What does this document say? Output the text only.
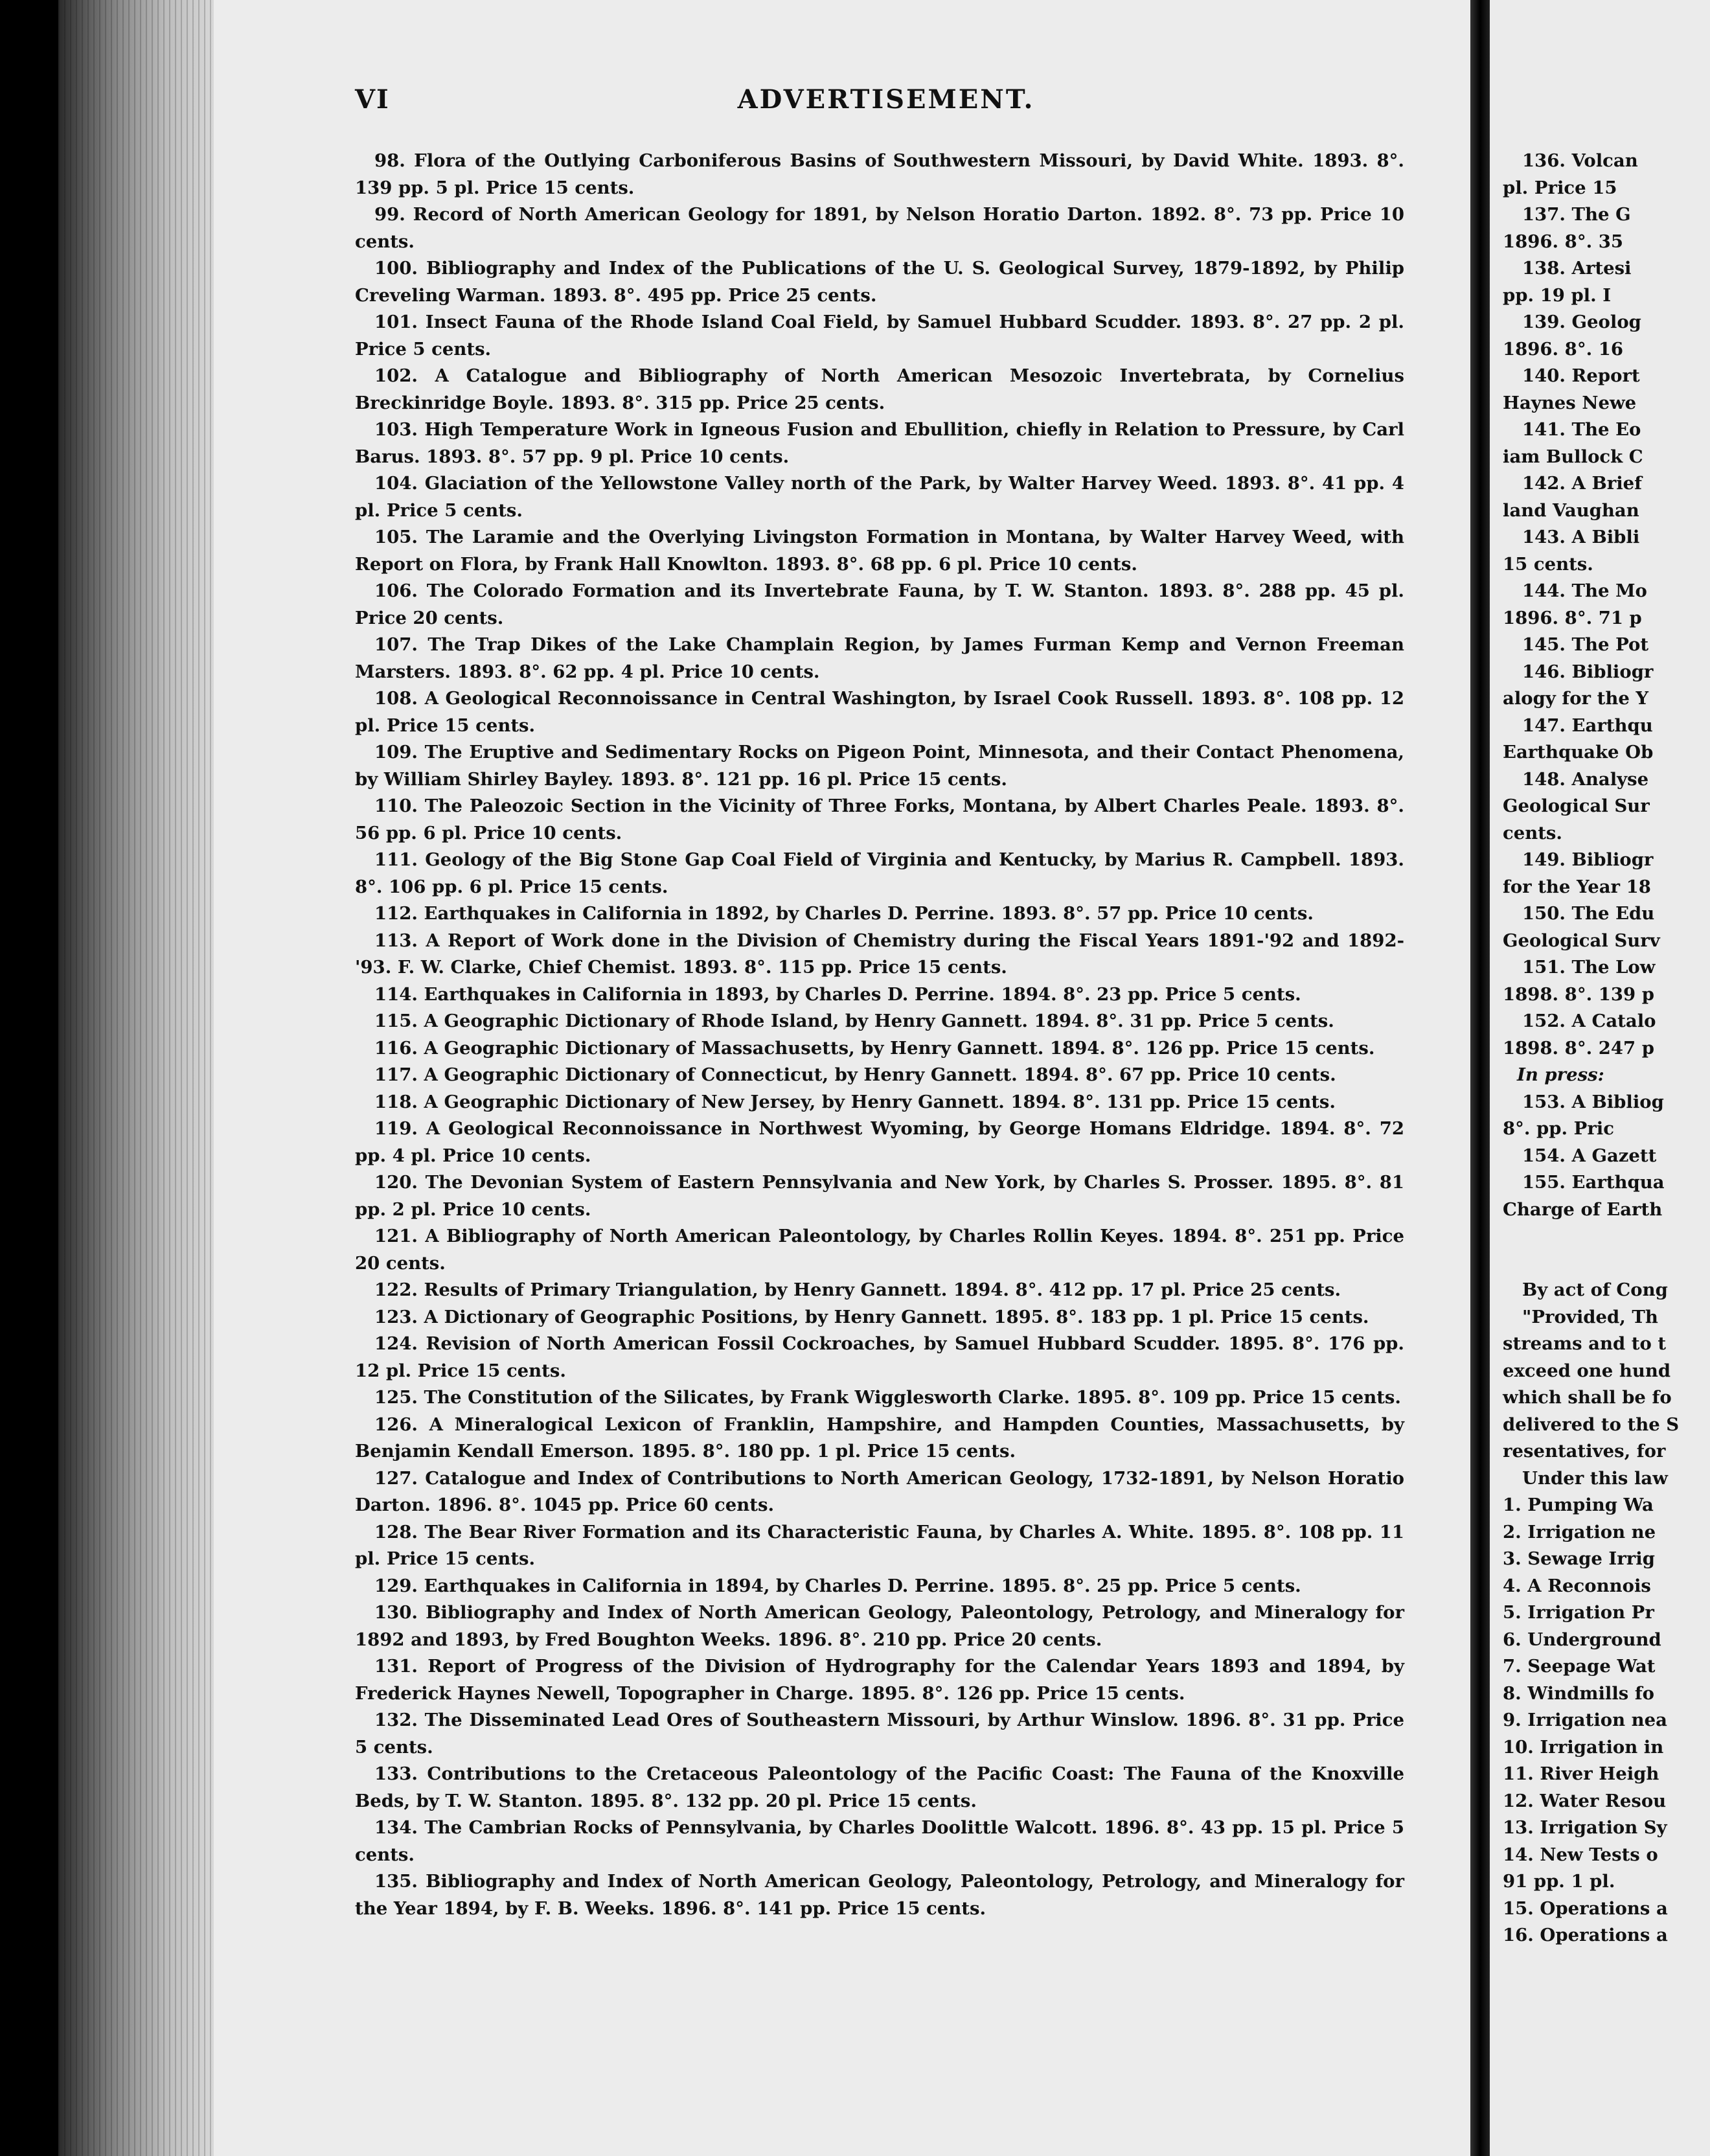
136. Volcan
pl. Price 15
137. The G
1896. 8°. 35
138. Artesi
pp. 19 pl. I
139. Geolog
1896. 8°. 16
140. Report
Haynes Newe
141. The Eo
iam Bullock C
142. A Brief
land Vaughan
143. A Bibli
15 cents.
144. The Mo
1896. 8°. 71 p
145. The Pot
146. Bibliogr
alogy for the Y
147. Earthqu
Earthquake Ob
148. Analyse
Geological Sur
cents.
149. Bibliogr
for the Year 18
150. The Edu
Geological Surv
151. The Low
1898. 8°. 139 p
152. A Catalo
1898. 8°. 247 p
In press:
153. A Bibliog
8°. pp. Pric
154. A Gazett
155. Earthqua
Charge of Earth
By act of Cong
"Provided, Th
streams and to t
exceed one hund
which shall be fo
delivered to the S
resentatives, for
Under this law
1. Pumping Wa
2. Irrigation ne
3. Sewage Irrig
4. A Reconnois
5. Irrigation Pr
6. Underground
7. Seepage Wat
8. Windmills fo
9. Irrigation nea
10. Irrigation in
11. River Heigh
12. Water Resou
13. Irrigation Sy
14. New Tests o
91 pp. 1 pl.
15. Operations a
16. Operations a
VI	ADVERTISEMENT.

98. Flora of the Outlying Carboniferous Basins of Southwestern Missouri, by David White. 1893. 8°. 139 pp. 5 pl. Price 15 cents.

99. Record of North American Geology for 1891, by Nelson Horatio Darton. 1892. 8°. 73 pp. Price 10 cents.

100. Bibliography and Index of the Publications of the U. S. Geological Survey, 1879-1892, by Philip Creveling Warman. 1893. 8°. 495 pp. Price 25 cents.

101. Insect Fauna of the Rhode Island Coal Field, by Samuel Hubbard Scudder. 1893. 8°. 27 pp. 2 pl. Price 5 cents.

102. A Catalogue and Bibliography of North American Mesozoic Invertebrata, by Cornelius Breckinridge Boyle. 1893. 8°. 315 pp. Price 25 cents.

103. High Temperature Work in Igneous Fusion and Ebullition, chiefly in Relation to Pressure, by Carl Barus. 1893. 8°. 57 pp. 9 pl. Price 10 cents.

104. Glaciation of the Yellowstone Valley north of the Park, by Walter Harvey Weed. 1893. 8°. 41 pp. 4 pl. Price 5 cents.

105. The Laramie and the Overlying Livingston Formation in Montana, by Walter Harvey Weed, with Report on Flora, by Frank Hall Knowlton. 1893. 8°. 68 pp. 6 pl. Price 10 cents.

106. The Colorado Formation and its Invertebrate Fauna, by T. W. Stanton. 1893. 8°. 288 pp. 45 pl. Price 20 cents.

107. The Trap Dikes of the Lake Champlain Region, by James Furman Kemp and Vernon Freeman Marsters. 1893. 8°. 62 pp. 4 pl. Price 10 cents.

108. A Geological Reconnoissance in Central Washington, by Israel Cook Russell. 1893. 8°. 108 pp. 12 pl. Price 15 cents.

109. The Eruptive and Sedimentary Rocks on Pigeon Point, Minnesota, and their Contact Phenomena, by William Shirley Bayley. 1893. 8°. 121 pp. 16 pl. Price 15 cents.

110. The Paleozoic Section in the Vicinity of Three Forks, Montana, by Albert Charles Peale. 1893. 8°. 56 pp. 6 pl. Price 10 cents.

111. Geology of the Big Stone Gap Coal Field of Virginia and Kentucky, by Marius R. Campbell. 1893. 8°. 106 pp. 6 pl. Price 15 cents.

112. Earthquakes in California in 1892, by Charles D. Perrine. 1893. 8°. 57 pp. Price 10 cents.

113. A Report of Work done in the Division of Chemistry during the Fiscal Years 1891-'92 and 1892-'93. F. W. Clarke, Chief Chemist. 1893. 8°. 115 pp. Price 15 cents.

114. Earthquakes in California in 1893, by Charles D. Perrine. 1894. 8°. 23 pp. Price 5 cents.

115. A Geographic Dictionary of Rhode Island, by Henry Gannett. 1894. 8°. 31 pp. Price 5 cents.

116. A Geographic Dictionary of Massachusetts, by Henry Gannett. 1894. 8°. 126 pp. Price 15 cents.

117. A Geographic Dictionary of Connecticut, by Henry Gannett. 1894. 8°. 67 pp. Price 10 cents.

118. A Geographic Dictionary of New Jersey, by Henry Gannett. 1894. 8°. 131 pp. Price 15 cents.

119. A Geological Reconnoissance in Northwest Wyoming, by George Homans Eldridge. 1894. 8°. 72 pp. 4 pl. Price 10 cents.

120. The Devonian System of Eastern Pennsylvania and New York, by Charles S. Prosser. 1895. 8°. 81 pp. 2 pl. Price 10 cents.

121. A Bibliography of North American Paleontology, by Charles Rollin Keyes. 1894. 8°. 251 pp. Price 20 cents.

122. Results of Primary Triangulation, by Henry Gannett. 1894. 8°. 412 pp. 17 pl. Price 25 cents.

123. A Dictionary of Geographic Positions, by Henry Gannett. 1895. 8°. 183 pp. 1 pl. Price 15 cents.

124. Revision of North American Fossil Cockroaches, by Samuel Hubbard Scudder. 1895. 8°. 176 pp. 12 pl. Price 15 cents.

125. The Constitution of the Silicates, by Frank Wigglesworth Clarke. 1895. 8°. 109 pp. Price 15 cents.

126. A Mineralogical Lexicon of Franklin, Hampshire, and Hampden Counties, Massachusetts, by Benjamin Kendall Emerson. 1895. 8°. 180 pp. 1 pl. Price 15 cents.

127. Catalogue and Index of Contributions to North American Geology, 1732-1891, by Nelson Horatio Darton. 1896. 8°. 1045 pp. Price 60 cents.

128. The Bear River Formation and its Characteristic Fauna, by Charles A. White. 1895. 8°. 108 pp. 11 pl. Price 15 cents.

129. Earthquakes in California in 1894, by Charles D. Perrine. 1895. 8°. 25 pp. Price 5 cents.

130. Bibliography and Index of North American Geology, Paleontology, Petrology, and Mineralogy for 1892 and 1893, by Fred Boughton Weeks. 1896. 8°. 210 pp. Price 20 cents.

131. Report of Progress of the Division of Hydrography for the Calendar Years 1893 and 1894, by Frederick Haynes Newell, Topographer in Charge. 1895. 8°. 126 pp. Price 15 cents.

132. The Disseminated Lead Ores of Southeastern Missouri, by Arthur Winslow. 1896. 8°. 31 pp. Price 5 cents.

133. Contributions to the Cretaceous Paleontology of the Pacific Coast: The Fauna of the Knoxville Beds, by T. W. Stanton. 1895. 8°. 132 pp. 20 pl. Price 15 cents.

134. The Cambrian Rocks of Pennsylvania, by Charles Doolittle Walcott. 1896. 8°. 43 pp. 15 pl. Price 5 cents.

135. Bibliography and Index of North American Geology, Paleontology, Petrology, and Mineralogy for the Year 1894, by F. B. Weeks. 1896. 8°. 141 pp. Price 15 cents.
